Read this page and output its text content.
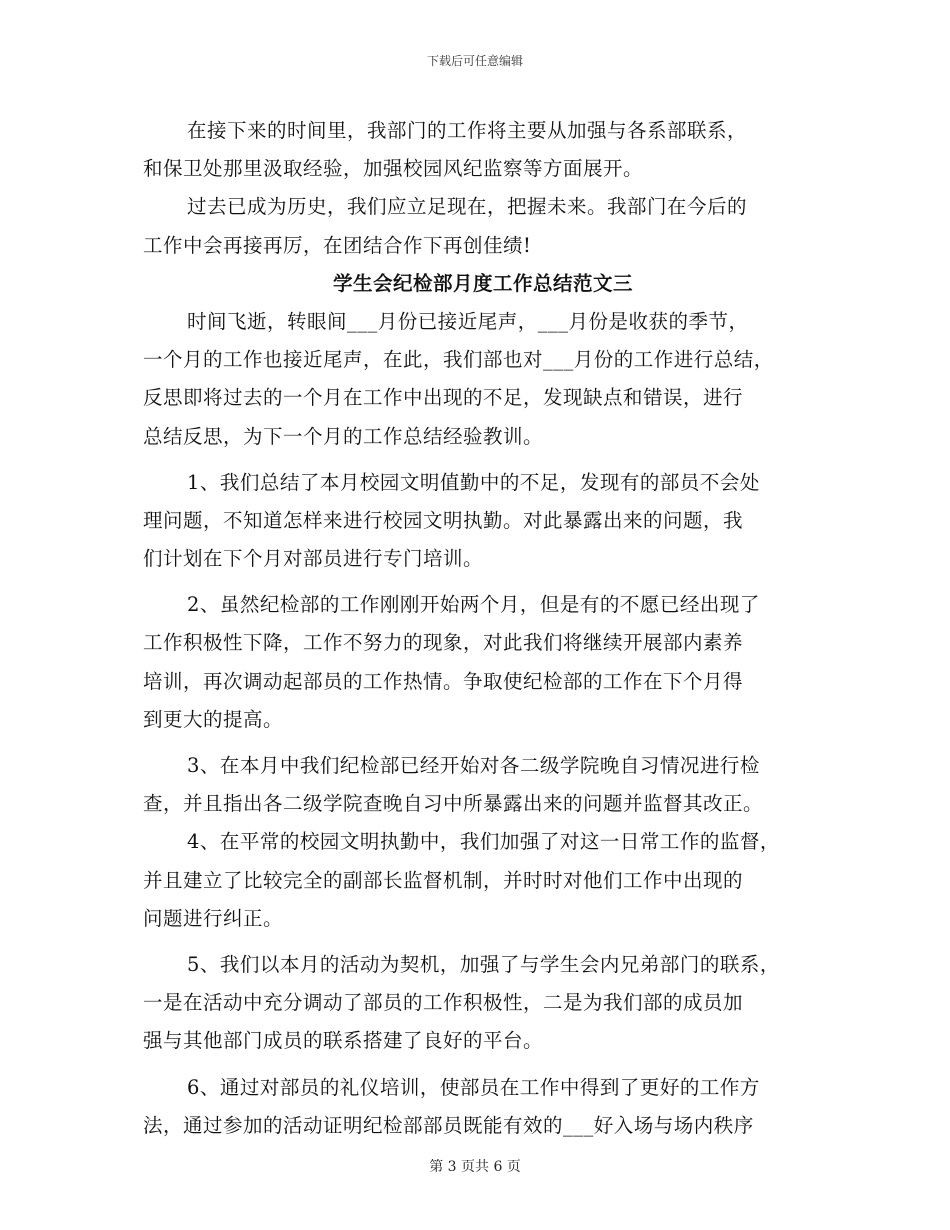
下载后可任意编辑
在接下来的时间里，我部门的工作将主要从加强与各系部联系，
和保卫处那里汲取经验，加强校园风纪监察等方面展开。
过去已成为历史，我们应立足现在，把握未来。我部门在今后的
工作中会再接再厉，在团结合作下再创佳绩!
学生会纪检部月度工作总结范文三
时间飞逝，转眼间___月份已接近尾声，___月份是收获的季节，
一个月的工作也接近尾声，在此，我们部也对___月份的工作进行总结，
反思即将过去的一个月在工作中出现的不足，发现缺点和错误，进行
总结反思，为下一个月的工作总结经验教训。
1、我们总结了本月校园文明值勤中的不足，发现有的部员不会处
理问题，不知道怎样来进行校园文明执勤。对此暴露出来的问题，我
们计划在下个月对部员进行专门培训。
2、虽然纪检部的工作刚刚开始两个月，但是有的不愿已经出现了
工作积极性下降，工作不努力的现象，对此我们将继续开展部内素养
培训，再次调动起部员的工作热情。争取使纪检部的工作在下个月得
到更大的提高。
3、在本月中我们纪检部已经开始对各二级学院晚自习情况进行检
查，并且指出各二级学院查晚自习中所暴露出来的问题并监督其改正。
4、在平常的校园文明执勤中，我们加强了对这一日常工作的监督，
并且建立了比较完全的副部长监督机制，并时时对他们工作中出现的
问题进行纠正。
5、我们以本月的活动为契机，加强了与学生会内兄弟部门的联系，
一是在活动中充分调动了部员的工作积极性，二是为我们部的成员加
强与其他部门成员的联系搭建了良好的平台。
6、通过对部员的礼仪培训，使部员在工作中得到了更好的工作方
法，通过参加的活动证明纪检部部员既能有效的___好入场与场内秩序
第 3 页共 6 页
